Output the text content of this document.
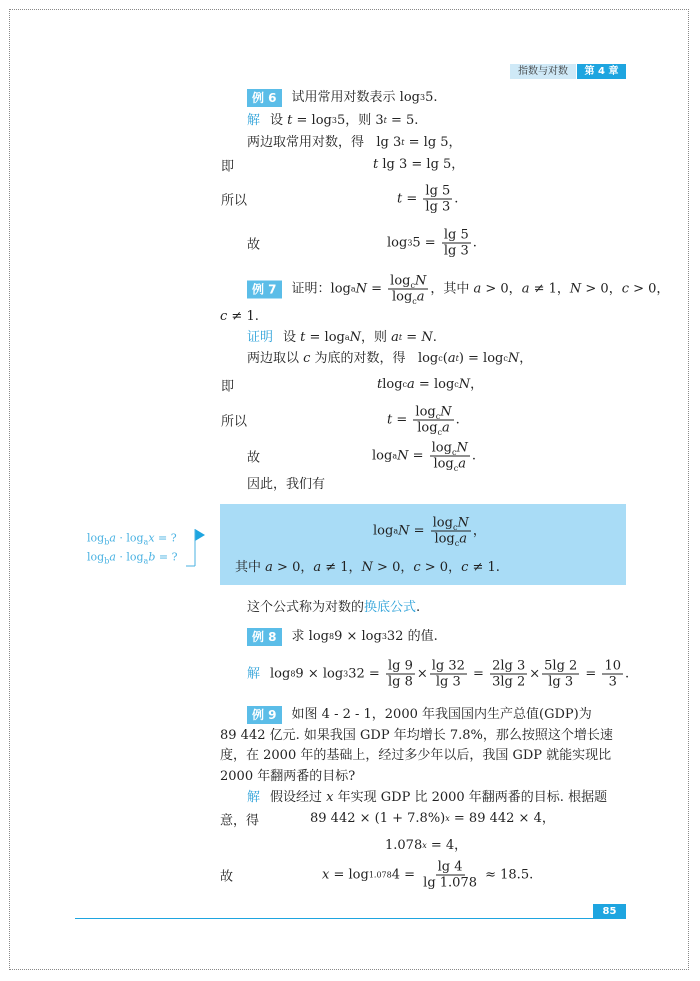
指数与对数	第 4 章
例 6	试用常用对数表示 log 3 5.
解 设 t = log 3 5，则 3 t = 5.
两边取常用对数，得   lg 3 t = lg 5，
即	t lg 3 = lg 5，
所以	$t = \frac{\lg 5}{\lg 3}$ .
故	log 3 $5 = \frac{\lg 5}{\lg 3}$ .
例 7	证明：log a $N = \frac{\log_cN}{\log_ca}$ ，其中 a > 0， a ≠ 1， N > 0， c > 0，
c ≠ 1.
证明 设 t = log a N ，则 a t = N .
两边取以 c 为底的对数，得   log c ( a t ) = log c N ，
即	t log c a = log c N ，
所以	$t = \frac{\log_cN}{\log_ca}$ .
故	log a $N = \frac{\log_cN}{\log_ca}$ .
因此，我们有
$\log_ba \cdot \log_ax$ = ?
$\log_ba \cdot \log_ab$ = ?
log a $N = \frac{\log_cN}{\log_ca}$ ，
其中 a > 0， a ≠ 1， N > 0， c > 0， c ≠ 1.
这个公式称为对数的 换底公式 .
例 8	求 log 8 9 × log 3 32 的值.
解 log 8 9 × log 3 $32 = \frac{\lg 9}{\lg 8} \times \frac{\lg 32}{\lg 3} = \frac{2\lg 3}{3\lg 2} \times \frac{5\lg 2}{\lg 3} = \frac{10}{3}$ .
例 9	如图 4 - 2 - 1，2000 年我国国内生产总值(GDP)为
89 442 亿元. 如果我国 GDP 年均增长 7.8%，那么按照这个增长速
度，在 2000 年的基础上，经过多少年以后，我国 GDP 就能实现比
2000 年翻两番的目标?
解 假设经过 x 年实现 GDP 比 2000 年翻两番的目标. 根据题
意，得	89 442 × (1 + 7.8%) x = 89 442 × 4，
1.078 x = 4，
故	x = log 1.078 $4 = \frac{\lg 4}{\lg 1.078} \approx 18.5$.
85
